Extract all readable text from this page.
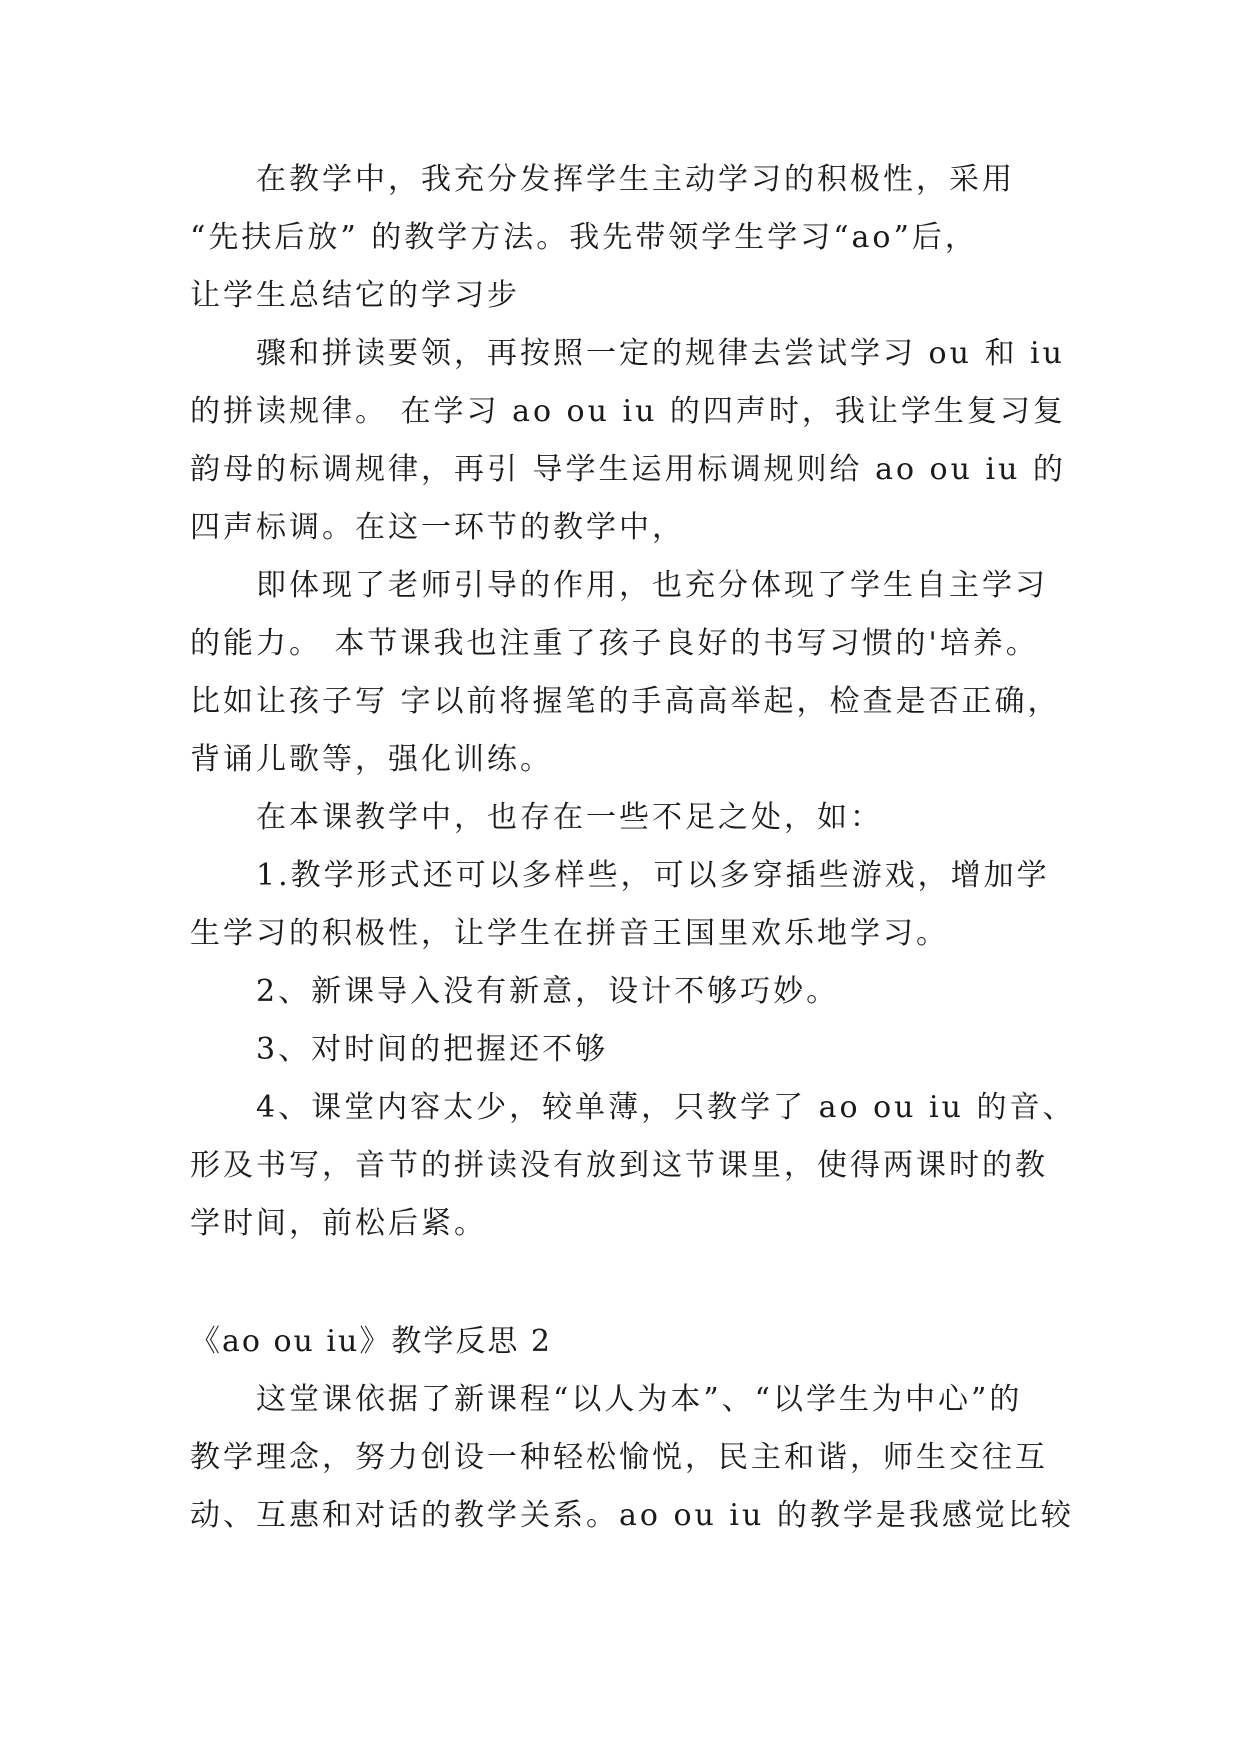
在教学中，我充分发挥学生主动学习的积极性，采用

“先扶后放” 的教学方法。我先带领学生学习“ao”后，

让学生总结它的学习步

骤和拼读要领，再按照一定的规律去尝试学习 ou 和 iu

的拼读规律。 在学习 ao ou iu 的四声时，我让学生复习复

韵母的标调规律，再引 导学生运用标调规则给 ao ou iu 的

四声标调。在这一环节的教学中，

即体现了老师引导的作用，也充分体现了学生自主学习

的能力。 本节课我也注重了孩子良好的书写习惯的'培养。

比如让孩子写 字以前将握笔的手高高举起，检查是否正确，

背诵儿歌等，强化训练。

在本课教学中，也存在一些不足之处，如：

1.教学形式还可以多样些，可以多穿插些游戏，增加学

生学习的积极性，让学生在拼音王国里欢乐地学习。

2、新课导入没有新意，设计不够巧妙。

3、对时间的把握还不够

4、课堂内容太少，较单薄，只教学了 ao ou iu 的音、

形及书写，音节的拼读没有放到这节课里，使得两课时的教

学时间，前松后紧。

《ao ou iu》教学反思 2

这堂课依据了新课程“以人为本”、“以学生为中心”的

教学理念，努力创设一种轻松愉悦，民主和谐，师生交往互

动、互惠和对话的教学关系。ao ou iu 的教学是我感觉比较
